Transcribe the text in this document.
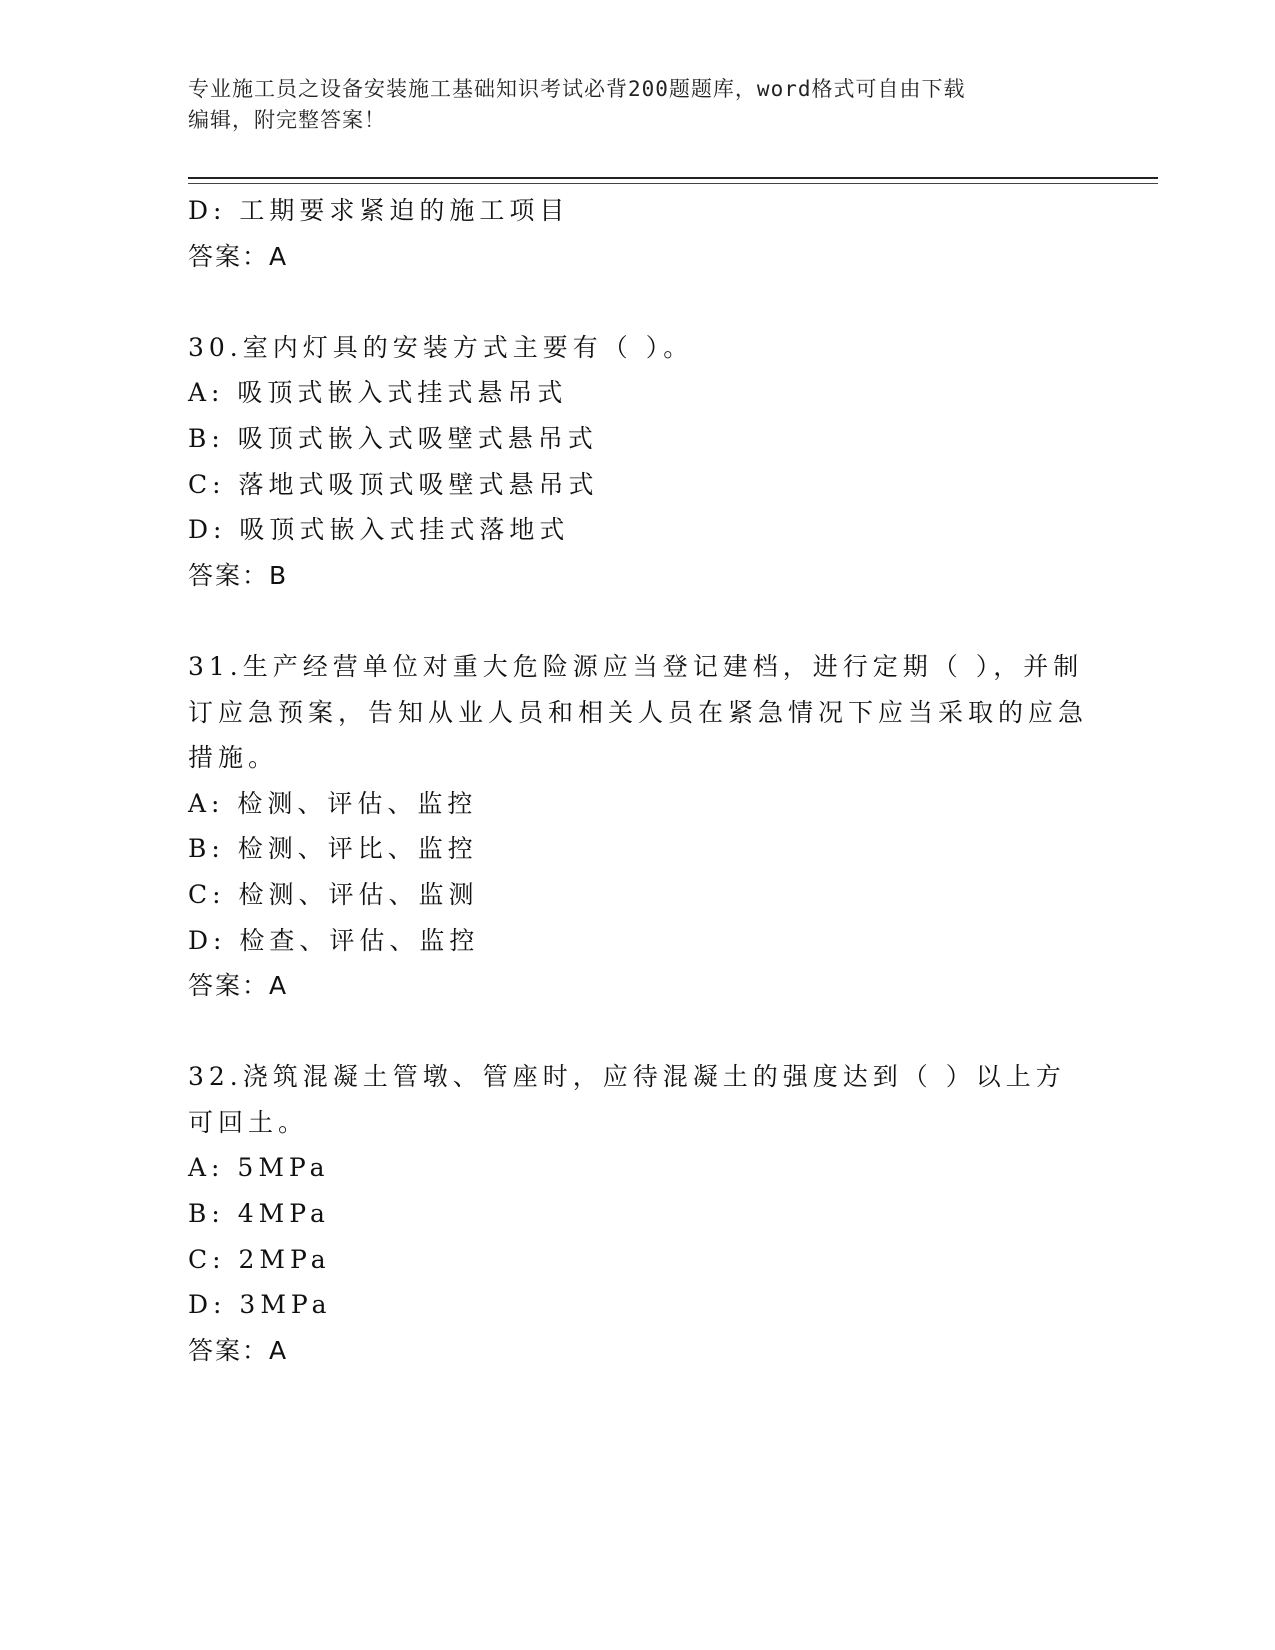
专业施工员之设备安装施工基础知识考试必背200题题库，word格式可自由下载
编辑，附完整答案！
D: 工期要求紧迫的施工项目
答案：A
30.室内灯具的安装方式主要有（ ）。
A: 吸顶式嵌入式挂式悬吊式
B: 吸顶式嵌入式吸壁式悬吊式
C: 落地式吸顶式吸壁式悬吊式
D: 吸顶式嵌入式挂式落地式
答案：B
31.生产经营单位对重大危险源应当登记建档，进行定期（ ），并制订应急预案，告知从业人员和相关人员在紧急情况下应当采取的应急措施。
A: 检测、评估、监控
B: 检测、评比、监控
C: 检测、评估、监测
D: 检查、评估、监控
答案：A
32.浇筑混凝土管墩、管座时，应待混凝土的强度达到（ ）以上方可回土。
A: 5MPa
B: 4MPa
C: 2MPa
D: 3MPa
答案：A
